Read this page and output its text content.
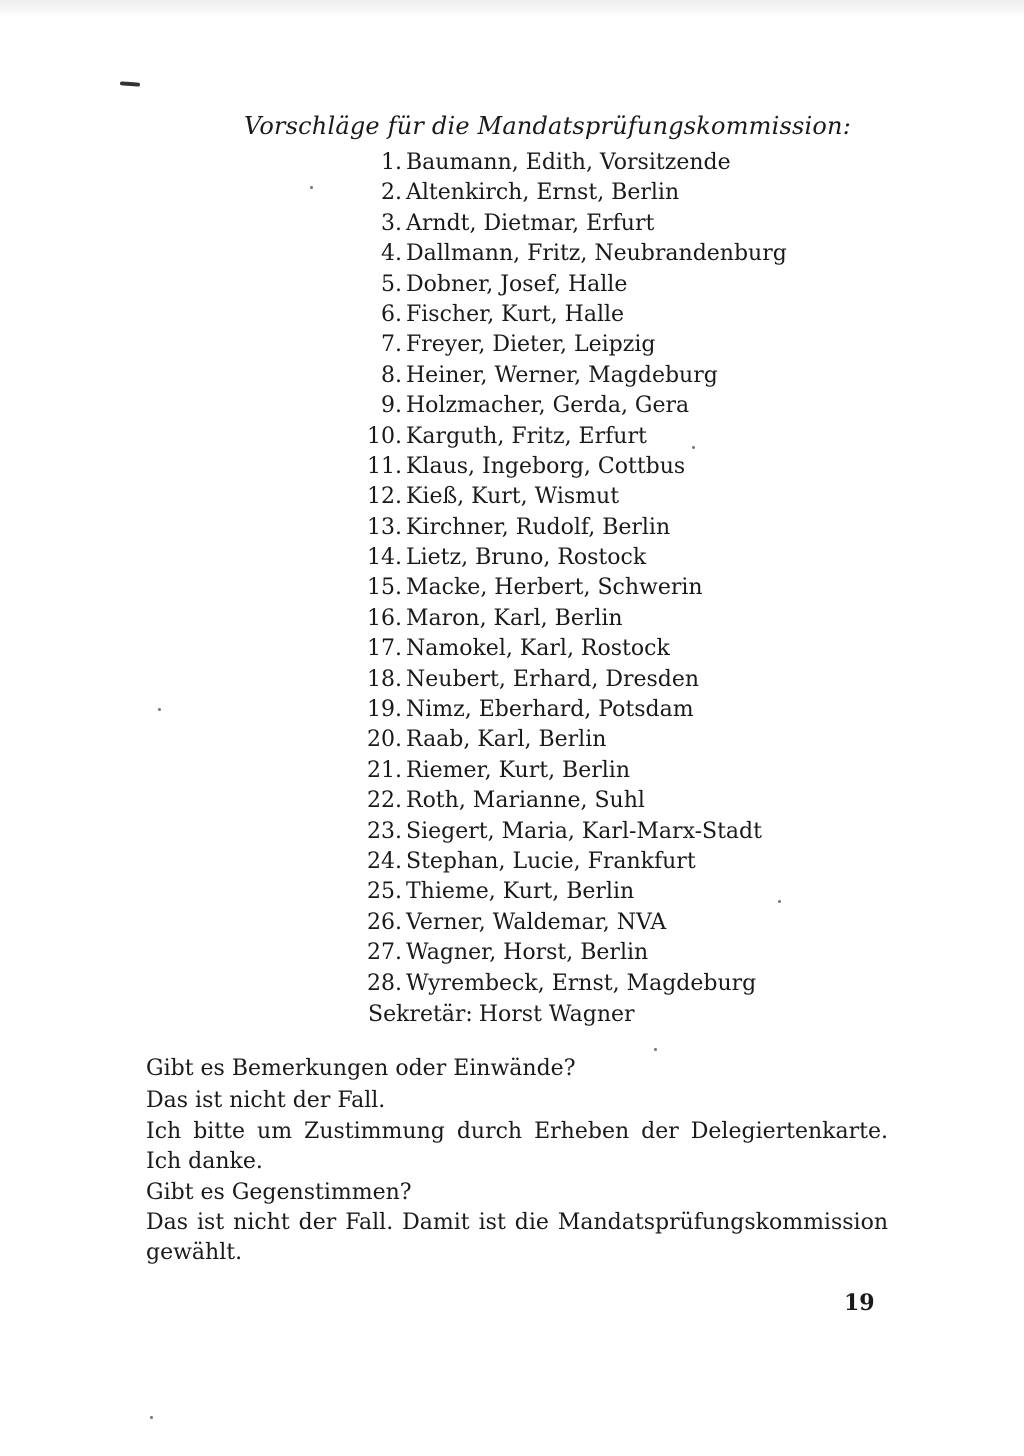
Vorschläge für die Mandatsprüfungskommission:
1. Baumann, Edith, Vorsitzende
2. Altenkirch, Ernst, Berlin
3. Arndt, Dietmar, Erfurt
4. Dallmann, Fritz, Neubrandenburg
5. Dobner, Josef, Halle
6. Fischer, Kurt, Halle
7. Freyer, Dieter, Leipzig
8. Heiner, Werner, Magdeburg
9. Holzmacher, Gerda, Gera
10. Karguth, Fritz, Erfurt
11. Klaus, Ingeborg, Cottbus
12. Kieß, Kurt, Wismut
13. Kirchner, Rudolf, Berlin
14. Lietz, Bruno, Rostock
15. Macke, Herbert, Schwerin
16. Maron, Karl, Berlin
17. Namokel, Karl, Rostock
18. Neubert, Erhard, Dresden
19. Nimz, Eberhard, Potsdam
20. Raab, Karl, Berlin
21. Riemer, Kurt, Berlin
22. Roth, Marianne, Suhl
23. Siegert, Maria, Karl-Marx-Stadt
24. Stephan, Lucie, Frankfurt
25. Thieme, Kurt, Berlin
26. Verner, Waldemar, NVA
27. Wagner, Horst, Berlin
28. Wyrembeck, Ernst, Magdeburg
Sekretär: Horst Wagner

Gibt es Bemerkungen oder Einwände?

Das ist nicht der Fall.

Ich bitte um Zustimmung durch Erheben der Delegiertenkarte. Ich danke.

Gibt es Gegenstimmen?

Das ist nicht der Fall. Damit ist die Mandatsprüfungskommission gewählt.

19
